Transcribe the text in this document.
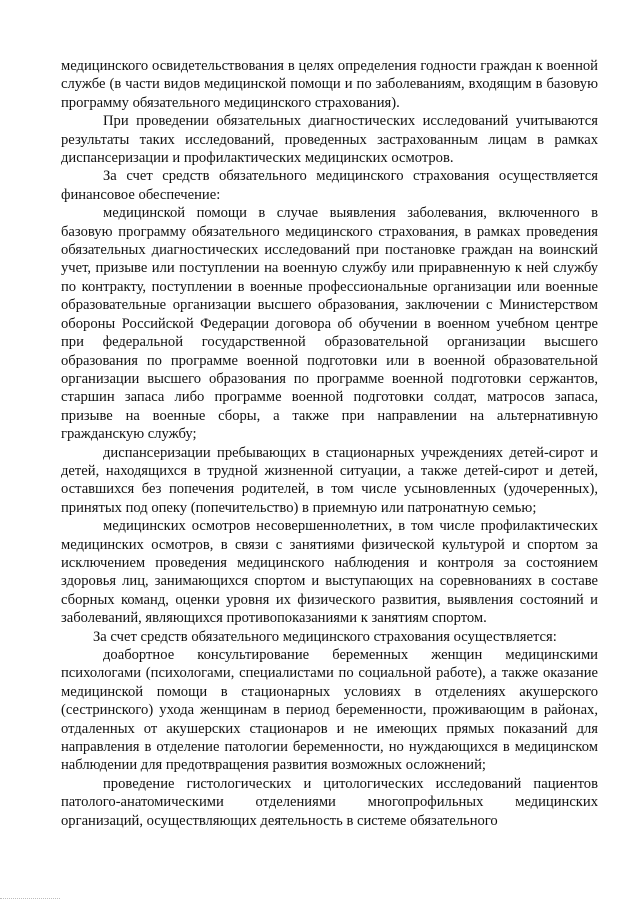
медицинского освидетельствования в целях определения годности граждан к военной службе (в части видов медицинской помощи и по заболеваниям, входящим в базовую программу обязательного медицинского страхования).

При проведении обязательных диагностических исследований учитываются результаты таких исследований, проведенных застрахованным лицам в рамках диспансеризации и профилактических медицинских осмотров.

За счет средств обязательного медицинского страхования осуществляется финансовое обеспечение:

медицинской помощи в случае выявления заболевания, включенного в базовую программу обязательного медицинского страхования, в рамках проведения обязательных диагностических исследований при постановке граждан на воинский учет, призыве или поступлении на военную службу или приравненную к ней службу по контракту, поступлении в военные профессиональные организации или военные образовательные организации высшего образования, заключении с Министерством обороны Российской Федерации договора об обучении в военном учебном центре при федеральной государственной образовательной организации высшего образования по программе военной подготовки или в военной образовательной организации высшего образования по программе военной подготовки сержантов, старшин запаса либо программе военной подготовки солдат, матросов запаса, призыве на военные сборы, а также при направлении на альтернативную гражданскую службу;

диспансеризации пребывающих в стационарных учреждениях детей-сирот и детей, находящихся в трудной жизненной ситуации, а также детей-сирот и детей, оставшихся без попечения родителей, в том числе усыновленных (удочеренных), принятых под опеку (попечительство) в приемную или патронатную семью;

медицинских осмотров несовершеннолетних, в том числе профилактических медицинских осмотров, в связи с занятиями физической культурой и спортом за исключением проведения медицинского наблюдения и контроля за состоянием здоровья лиц, занимающихся спортом и выступающих на соревнованиях в составе сборных команд, оценки уровня их физического развития, выявления состояний и заболеваний, являющихся противопоказаниями к занятиям спортом.

За счет средств обязательного медицинского страхования осуществляется:

доабортное консультирование беременных женщин медицинскими психологами (психологами, специалистами по социальной работе), а также оказание медицинской помощи в стационарных условиях в отделениях акушерского (сестринского) ухода женщинам в период беременности, проживающим в районах, отдаленных от акушерских стационаров и не имеющих прямых показаний для направления в отделение патологии беременности, но нуждающихся в медицинском наблюдении для предотвращения развития возможных осложнений;

проведение гистологических и цитологических исследований пациентов патолого-анатомическими отделениями многопрофильных медицинских организаций, осуществляющих деятельность в системе обязательного
